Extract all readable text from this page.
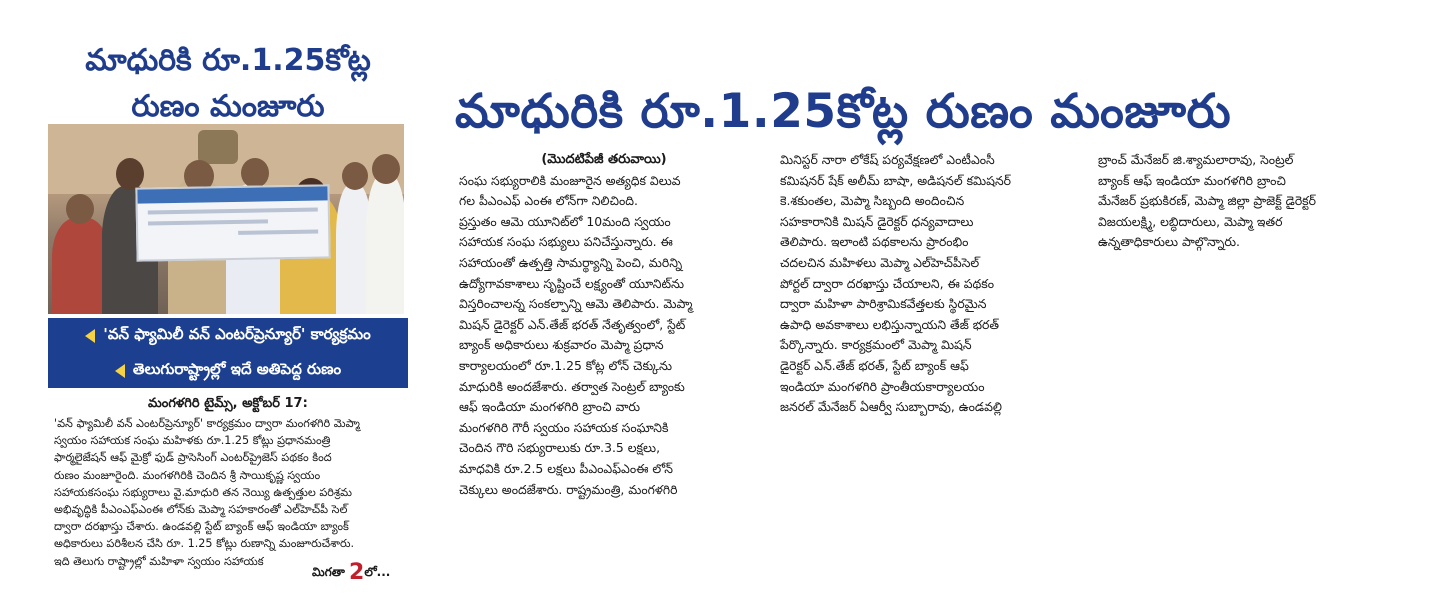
మాధురికి రూ.1.25కోట్ల
రుణం మంజూరు
'వన్ ఫ్యామిలీ వన్ ఎంటర్‌ప్రెన్యూర్' కార్యక్రమం
తెలుగురాష్ట్రాల్లో ఇదే అతిపెద్ద రుణం
మంగళగిరి టైమ్స్, అక్టోబర్ 17:
'వన్ ఫ్యామిలీ వన్ ఎంటర్‌ప్రెన్యూర్' కార్యక్రమం ద్వారా మంగళగిరి మెప్మా
స్వయం సహాయక సంఘ మహిళకు రూ.1.25 కోట్లు ప్రధానమంత్రి
ఫార్మలైజేషన్ ఆఫ్ మైక్రో ఫుడ్ ప్రాసెసింగ్ ఎంటర్‌ప్రైజెస్ పథకం కింద
రుణం మంజూరైంది. మంగళగిరికి చెందిన శ్రీ సాయికృష్ణ స్వయం
సహాయకసంఘ సభ్యురాలు వై.మాధురి తన నెయ్యి ఉత్పత్తుల పరిశ్రమ
అభివృద్ధికి పీఎంఎఫ్ఎంఈ లోన్‌కు మెప్మా సహకారంతో ఎల్‌హెచ్‌పీ సెల్
ద్వారా దరఖాస్తు చేశారు. ఉండవల్లి స్టేట్ బ్యాంక్ ఆఫ్ ఇండియా బ్యాంక్
అధికారులు పరిశీలన చేసి రూ. 1.25 కోట్లు రుణాన్ని మంజూరుచేశారు.
ఇది తెలుగు రాష్ట్రాల్లో మహిళా స్వయం సహాయక
మిగతా 2లో...
మాధురికి రూ.1.25కోట్ల రుణం మంజూరు
(మొదటిపేజీ తరువాయి)

సంఘ సభ్యురాలికి మంజూరైన అత్యధిక విలువ

గల పీఎంఎఫ్ ఎంఈ లోన్‌గా నిలిచింది.

ప్రస్తుతం ఆమె యూనిట్‌లో 10మంది స్వయం

సహాయక సంఘ సభ్యులు పనిచేస్తున్నారు. ఈ

సహాయంతో ఉత్పత్తి సామర్థ్యాన్ని పెంచి, మరిన్ని

ఉద్యోగావకాశాలు సృష్టించే లక్ష్యంతో యూనిట్‌ను

విస్తరించాలన్న సంకల్పాన్ని ఆమె తెలిపారు. మెప్మా

మిషన్ డైరెక్టర్ ఎన్.తేజ్ భరత్ నేతృత్వంలో, స్టేట్

బ్యాంక్ అధికారులు శుక్రవారం మెప్మా ప్రధాన

కార్యాలయంలో రూ.1.25 కోట్ల లోన్ చెక్కును

మాధురికి అందజేశారు. తర్వాత సెంట్రల్ బ్యాంకు

ఆఫ్ ఇండియా మంగళగిరి బ్రాంచి వారు

మంగళగిరి గౌరీ స్వయం సహాయక సంఘానికి

చెందిన గౌరి సభ్యురాలుకు రూ.3.5 లక్షలు,

మాధవికి రూ.2.5 లక్షలు పీఎంఎఫ్ఎంఈ లోన్

చెక్కులు అందజేశారు. రాష్ట్రమంత్రి, మంగళగిరి

మినిస్టర్ నారా లోకేష్ పర్యవేక్షణలో ఎంటీఎంసీ

కమిషనర్ షేక్ అలీమ్ బాషా, అడిషనల్ కమిషనర్

కె.శకుంతల, మెప్మా సిబ్బంది అందించిన

సహకారానికి మిషన్ డైరెక్టర్ ధన్యవాదాలు

తెలిపారు. ఇలాంటి పథకాలను ప్రారంభిం

చదలచిన మహిళలు మెప్మా ఎల్‌హెచ్‌పీసెల్

పోర్టల్ ద్వారా దరఖాస్తు చేయాలని, ఈ పథకం

ద్వారా మహిళా పారిశ్రామికవేత్తలకు స్థిరమైన

ఉపాధి అవకాశాలు లభిస్తున్నాయని తేజ్ భరత్

పేర్కొన్నారు. కార్యక్రమంలో మెప్మా మిషన్

డైరెక్టర్ ఎన్.తేజ్ భరత్, స్టేట్ బ్యాంక్ ఆఫ్

ఇండియా మంగళగిరి ప్రాంతీయకార్యాలయం

జనరల్ మేనేజర్ ఏఆర్వీ సుబ్బారావు, ఉండవల్లి

బ్రాంచ్ మేనేజర్ జి.శ్యామలారావు, సెంట్రల్

బ్యాంక్ ఆఫ్ ఇండియా మంగళగిరి బ్రాంచి

మేనేజర్ ప్రభుకిరణ్, మెప్మా జిల్లా ప్రాజెక్ట్ డైరెక్టర్

విజయలక్ష్మి, లబ్ధిదారులు, మెప్మా ఇతర

ఉన్నతాధికారులు పాల్గొన్నారు.
